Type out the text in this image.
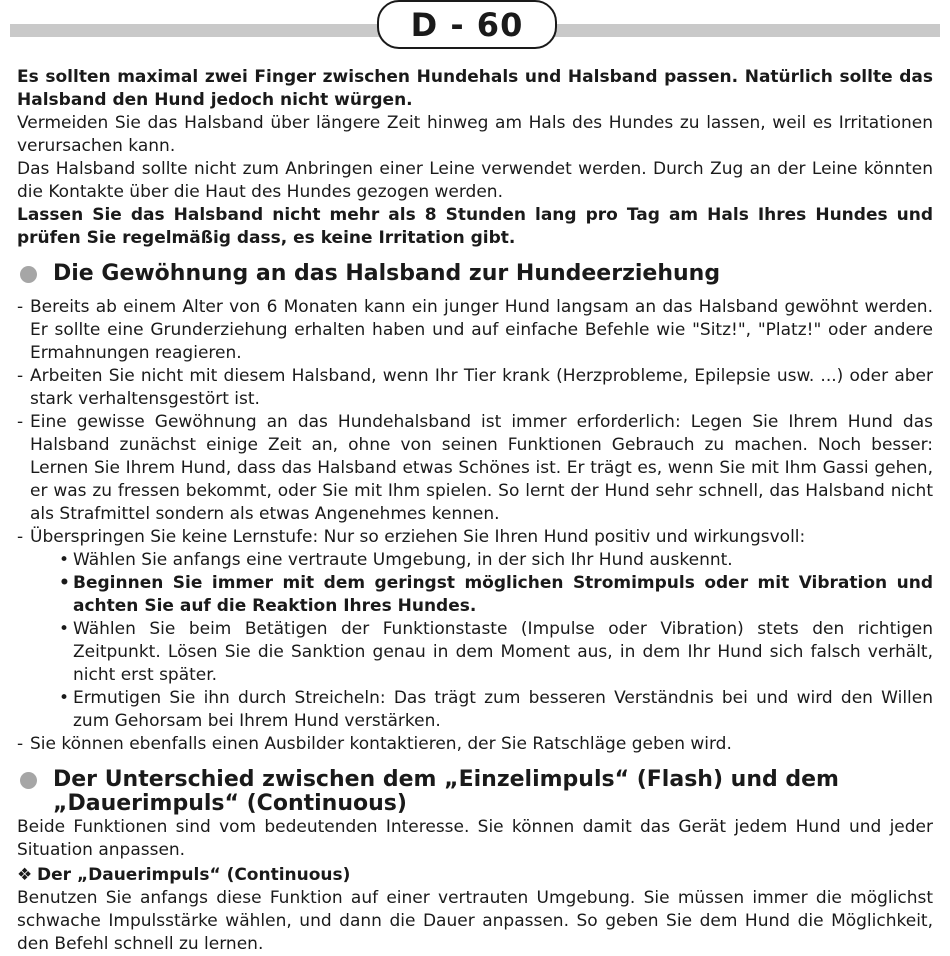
D - 60

Es sollten maximal zwei Finger zwischen Hundehals und Halsband passen. Natürlich sollte das Halsband den Hund jedoch nicht würgen.

Vermeiden Sie das Halsband über längere Zeit hinweg am Hals des Hundes zu lassen, weil es Irritationen verursachen kann.

Das Halsband sollte nicht zum Anbringen einer Leine verwendet werden. Durch Zug an der Leine könnten die Kontakte über die Haut des Hundes gezogen werden.

Lassen Sie das Halsband nicht mehr als 8 Stunden lang pro Tag am Hals Ihres Hundes und prüfen Sie regelmäßig dass, es keine Irritation gibt.

Die Gewöhnung an das Halsband zur Hundeerziehung
- Bereits ab einem Alter von 6 Monaten kann ein junger Hund langsam an das Halsband gewöhnt werden. Er sollte eine Grunderziehung erhalten haben und auf einfache Befehle wie "Sitz!", "Platz!" oder andere Ermahnungen reagieren.
- Arbeiten Sie nicht mit diesem Halsband, wenn Ihr Tier krank (Herzprobleme, Epilepsie usw. ...) oder aber stark verhaltensgestört ist.
- Eine gewisse Gewöhnung an das Hundehalsband ist immer erforderlich: Legen Sie Ihrem Hund das Halsband zunächst einige Zeit an, ohne von seinen Funktionen Gebrauch zu machen. Noch besser: Lernen Sie Ihrem Hund, dass das Halsband etwas Schönes ist. Er trägt es, wenn Sie mit Ihm Gassi gehen, er was zu fressen bekommt, oder Sie mit Ihm spielen. So lernt der Hund sehr schnell, das Halsband nicht als Strafmittel sondern als etwas Angenehmes kennen.
- Überspringen Sie keine Lernstufe: Nur so erziehen Sie Ihren Hund positiv und wirkungsvoll:
• Wählen Sie anfangs eine vertraute Umgebung, in der sich Ihr Hund auskennt.
• Beginnen Sie immer mit dem geringst möglichen Stromimpuls oder mit Vibration und achten Sie auf die Reaktion Ihres Hundes.
• Wählen Sie beim Betätigen der Funktionstaste (Impulse oder Vibration) stets den richtigen Zeitpunkt. Lösen Sie die Sanktion genau in dem Moment aus, in dem Ihr Hund sich falsch verhält, nicht erst später.
• Ermutigen Sie ihn durch Streicheln: Das trägt zum besseren Verständnis bei und wird den Willen zum Gehorsam bei Ihrem Hund verstärken.
- Sie können ebenfalls einen Ausbilder kontaktieren, der Sie Ratschläge geben wird.
Der Unterschied zwischen dem „Einzelimpuls“ (Flash) und dem
„Dauerimpuls“ (Continuous)

Beide Funktionen sind vom bedeutenden Interesse. Sie können damit das Gerät jedem Hund und jeder Situation anpassen.

❖ Der „Dauerimpuls“ (Continuous)

Benutzen Sie anfangs diese Funktion auf einer vertrauten Umgebung. Sie müssen immer die möglichst schwache Impulsstärke wählen, und dann die Dauer anpassen. So geben Sie dem Hund die Möglichkeit, den Befehl schnell zu lernen.
